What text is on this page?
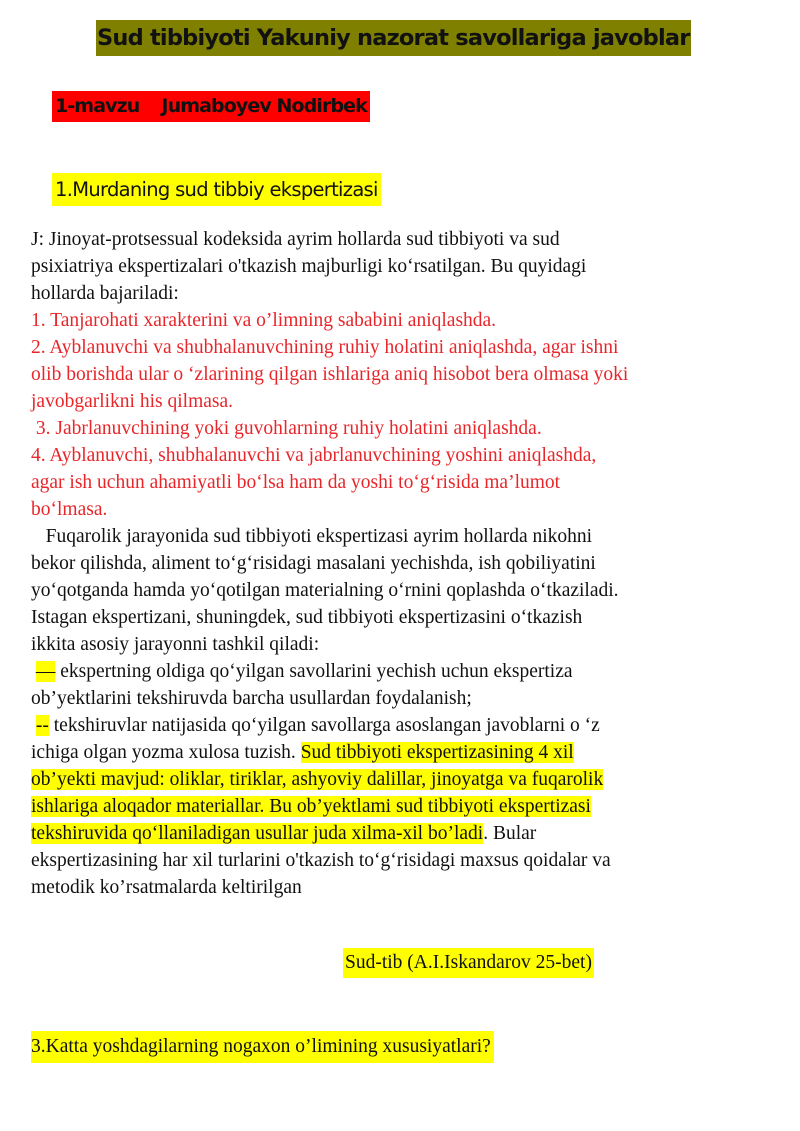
Sud tibbiyoti Yakuniy nazorat savollariga javoblar
1-mavzu Jumaboyev Nodirbek
1.Murdaning sud tibbiy ekspertizasi
J: Jinoyat-protsessual kodeksida ayrim hollarda sud tibbiyoti va sud
psixiatriya ekspertizalari o'tkazish majburligi ko‘rsatilgan. Bu quyidagi
hollarda bajariladi:
1. Tanjarohati xarakterini va o’limning sababini aniqlashda.
2. Ayblanuvchi va shubhalanuvchining ruhiy holatini aniqlashda, agar ishni
olib borishda ular o ‘zlarining qilgan ishlariga aniq hisobot bera olmasa yoki
javobgarlikni his qilmasa.
3. Jabrlanuvchining yoki guvohlarning ruhiy holatini aniqlashda.
4. Ayblanuvchi, shubhalanuvchi va jabrlanuvchining yoshini aniqlashda,
agar ish uchun ahamiyatli bo‘lsa ham da yoshi to‘g‘risida ma’lumot
bo‘lmasa.
Fuqarolik jarayonida sud tibbiyoti ekspertizasi ayrim hollarda nikohni
bekor qilishda, aliment to‘g‘risidagi masalani yechishda, ish qobiliyatini
yo‘qotganda hamda yo‘qotilgan materialning o‘rnini qoplashda o‘tkaziladi.
Istagan ekspertizani, shuningdek, sud tibbiyoti ekspertizasini o‘tkazish
ikkita asosiy jarayonni tashkil qiladi:
— ekspertning oldiga qo‘yilgan savollarini yechish uchun ekspertiza
ob’yektlarini tekshiruvda barcha usullardan foydalanish;
-- tekshiruvlar natijasida qo‘yilgan savollarga asoslangan javoblarni o ‘z
ichiga olgan yozma xulosa tuzish. Sud tibbiyoti ekspertizasining 4 xil
ob’yekti mavjud: oliklar, tiriklar, ashyoviy dalillar, jinoyatga va fuqarolik
ishlariga aloqador materiallar. Bu ob’yektlami sud tibbiyoti ekspertizasi
tekshiruvida qo‘llaniladigan usullar juda xilma-xil bo’ladi. Bular
ekspertizasining har xil turlarini o'tkazish to‘g‘risidagi maxsus qoidalar va
metodik ko’rsatmalarda keltirilgan
Sud-tib (A.I.Iskandarov 25-bet)
3.Katta yoshdagilarning nogaxon o’limining xususiyatlari?
